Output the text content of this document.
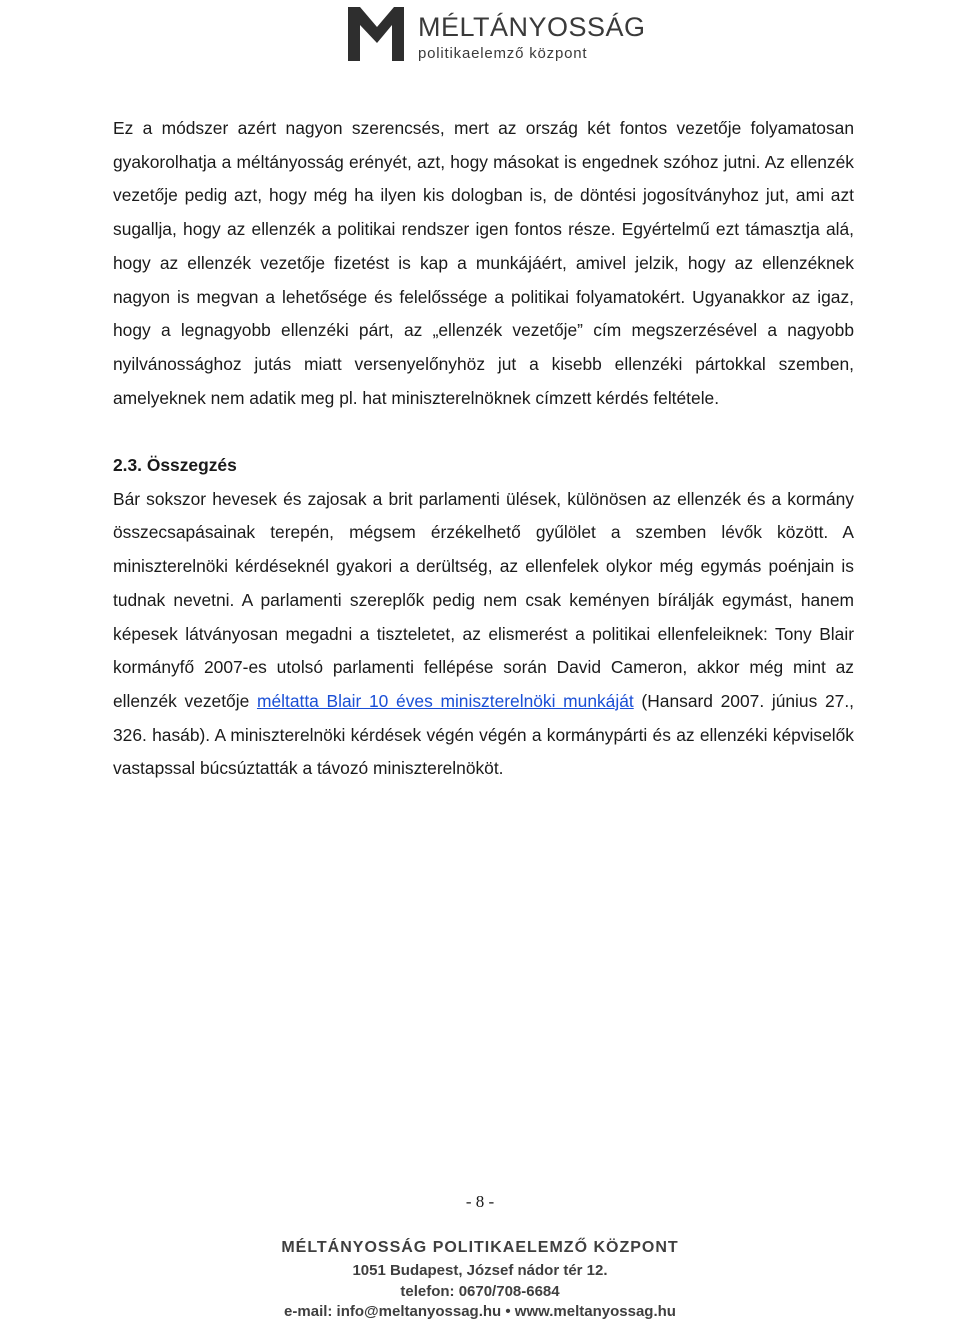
MÉLTÁNYOSSÁG
politikaelemző központ

Ez a módszer azért nagyon szerencsés, mert az ország két fontos vezetője folyamatosan gyakorolhatja a méltányosság erényét, azt, hogy másokat is engednek szóhoz jutni. Az ellenzék vezetője pedig azt, hogy még ha ilyen kis dologban is, de döntési jogosítványhoz jut, ami azt sugallja, hogy az ellenzék a politikai rendszer igen fontos része. Egyértelmű ezt támasztja alá, hogy az ellenzék vezetője fizetést is kap a munkájáért, amivel jelzik, hogy az ellenzéknek nagyon is megvan a lehetősége és felelőssége a politikai folyamatokért. Ugyanakkor az igaz, hogy a legnagyobb ellenzéki párt, az „ellenzék vezetője” cím megszerzésével a nagyobb nyilvánossághoz jutás miatt versenyelőnyhöz jut a kisebb ellenzéki pártokkal szemben, amelyeknek nem adatik meg pl. hat miniszterelnöknek címzett kérdés feltétele.

2.3. Összegzés

Bár sokszor hevesek és zajosak a brit parlamenti ülések, különösen az ellenzék és a kormány összecsapásainak terepén, mégsem érzékelhető gyűlölet a szemben lévők között. A miniszterelnöki kérdéseknél gyakori a derültség, az ellenfelek olykor még egymás poénjain is tudnak nevetni. A parlamenti szereplők pedig nem csak keményen bírálják egymást, hanem képesek látványosan megadni a tiszteletet, az elismerést a politikai ellenfeleiknek: Tony Blair kormányfő 2007-es utolsó parlamenti fellépése során David Cameron, akkor még mint az ellenzék vezetője méltatta Blair 10 éves miniszterelnöki munkáját (Hansard 2007. június 27., 326. hasáb). A miniszterelnöki kérdések végén végén a kormánypárti és az ellenzéki képviselők vastapssal búcsúztatták a távozó miniszterelnököt.

- 8 -
MÉLTÁNYOSSÁG POLITIKAELEMZŐ KÖZPONT
1051 Budapest, József nádor tér 12.
telefon: 0670/708-6684
e-mail: info@meltanyossag.hu • www.meltanyossag.hu
